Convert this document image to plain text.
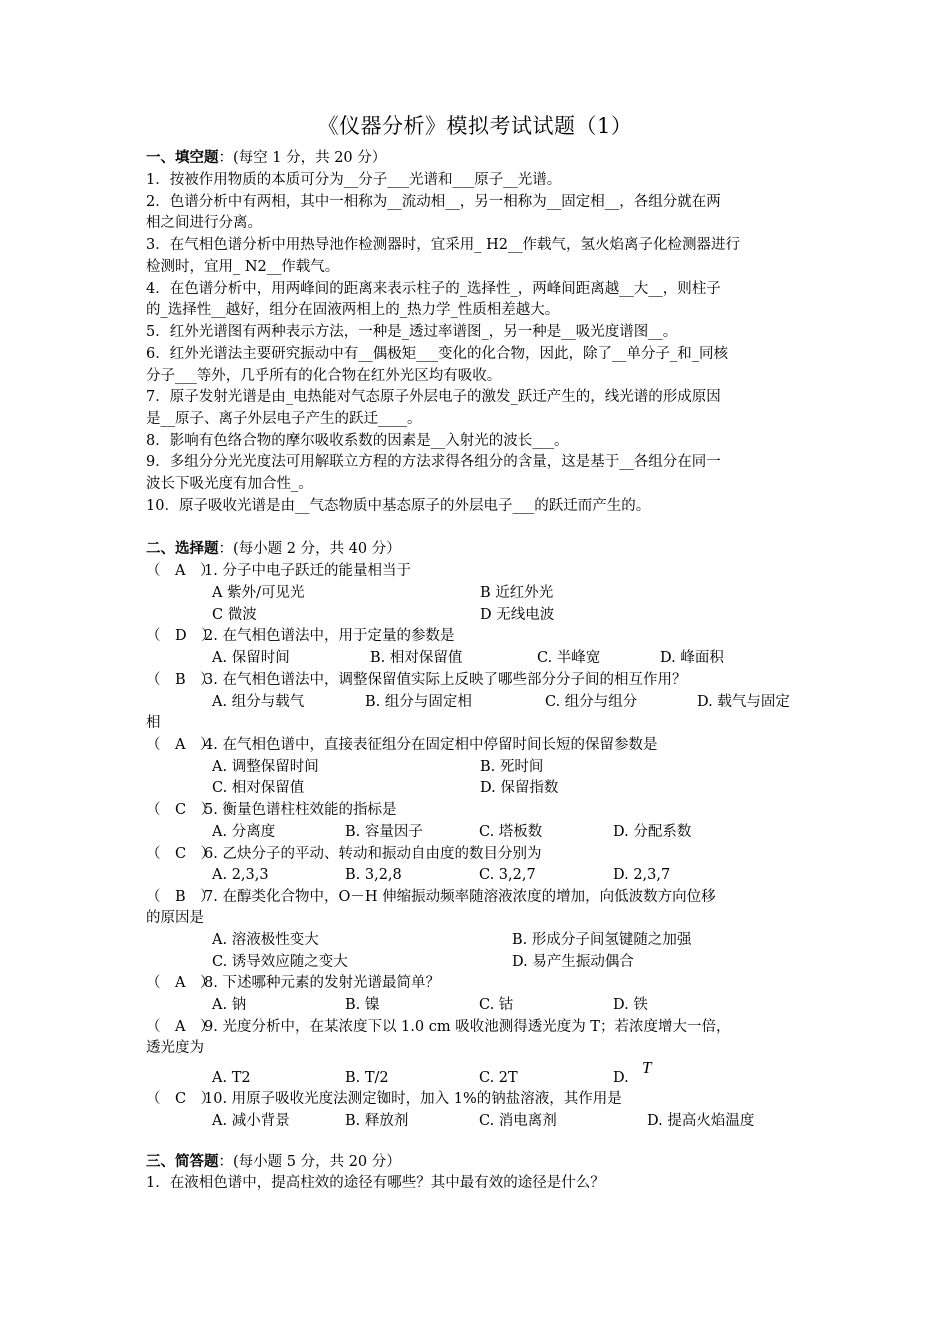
《仪器分析》模拟考试试题（1）
一、填空题：(每空 1 分，共 20 分）
1．按被作用物质的本质可分为__分子___光谱和___原子__光谱。
2．色谱分析中有两相，其中一相称为__流动相__，另一相称为__固定相__，各组分就在两
相之间进行分离。
3．在气相色谱分析中用热导池作检测器时，宜采用_ H2__作载气，氢火焰离子化检测器进行
检测时，宜用_ N2__作载气。
4．在色谱分析中，用两峰间的距离来表示柱子的_选择性_，两峰间距离越__大__，则柱子
的_选择性__越好，组分在固液两相上的_热力学_性质相差越大。
5．红外光谱图有两种表示方法，一种是_透过率谱图_，另一种是__吸光度谱图__。
6．红外光谱法主要研究振动中有__偶极矩___变化的化合物，因此，除了__单分子_和_同核
分子___等外，几乎所有的化合物在红外光区均有吸收。
7．原子发射光谱是由_电热能对气态原子外层电子的激发_跃迁产生的，线光谱的形成原因
是__原子、离子外层电子产生的跃迁____。
8．影响有色络合物的摩尔吸收系数的因素是__入射光的波长___。
9．多组分分光光度法可用解联立方程的方法求得各组分的含量，这是基于__各组分在同一
波长下吸光度有加合性_。
10．原子吸收光谱是由__气态物质中基态原子的外层电子___的跃迁而产生的。
二、选择题：(每小题 2 分，共 40 分）
（　A　）1. 分子中电子跃迁的能量相当于
A 紫外/可见光	B 近红外光
C 微波	D 无线电波
（　D　）2. 在气相色谱法中，用于定量的参数是
A. 保留时间	B. 相对保留值	C. 半峰宽	D. 峰面积
（　B　）3. 在气相色谱法中，调整保留值实际上反映了哪些部分分子间的相互作用？
A. 组分与载气	B. 组分与固定相	C. 组分与组分	D. 载气与固定
相
（　A　）4. 在气相色谱中，直接表征组分在固定相中停留时间长短的保留参数是
A. 调整保留时间	B. 死时间
C. 相对保留值	D. 保留指数
（　C　）5. 衡量色谱柱柱效能的指标是
A. 分离度	B. 容量因子	C. 塔板数	D. 分配系数
（　C　）6. 乙炔分子的平动、转动和振动自由度的数目分别为
A. 2,3,3	B. 3,2,8	C. 3,2,7	D. 2,3,7
（　B　）7. 在醇类化合物中，O－H 伸缩振动频率随溶液浓度的增加，向低波数方向位移
的原因是
A. 溶液极性变大	B. 形成分子间氢键随之加强
C. 诱导效应随之变大	D. 易产生振动偶合
（　A　）8. 下述哪种元素的发射光谱最简单？
A. 钠	B. 镍	C. 钴	D. 铁
（　A　）9. 光度分析中，在某浓度下以 1.0 cm 吸收池测得透光度为 T；若浓度增大一倍，
透光度为
A. T2	B. T/2	C. 2T	D.
T
（　C　）10. 用原子吸收光度法测定铷时，加入 1%的钠盐溶液，其作用是
A. 减小背景	B. 释放剂	C. 消电离剂	D. 提高火焰温度
三、简答题：(每小题 5 分，共 20 分）
1．在液相色谱中，提高柱效的途径有哪些？其中最有效的途径是什么？
